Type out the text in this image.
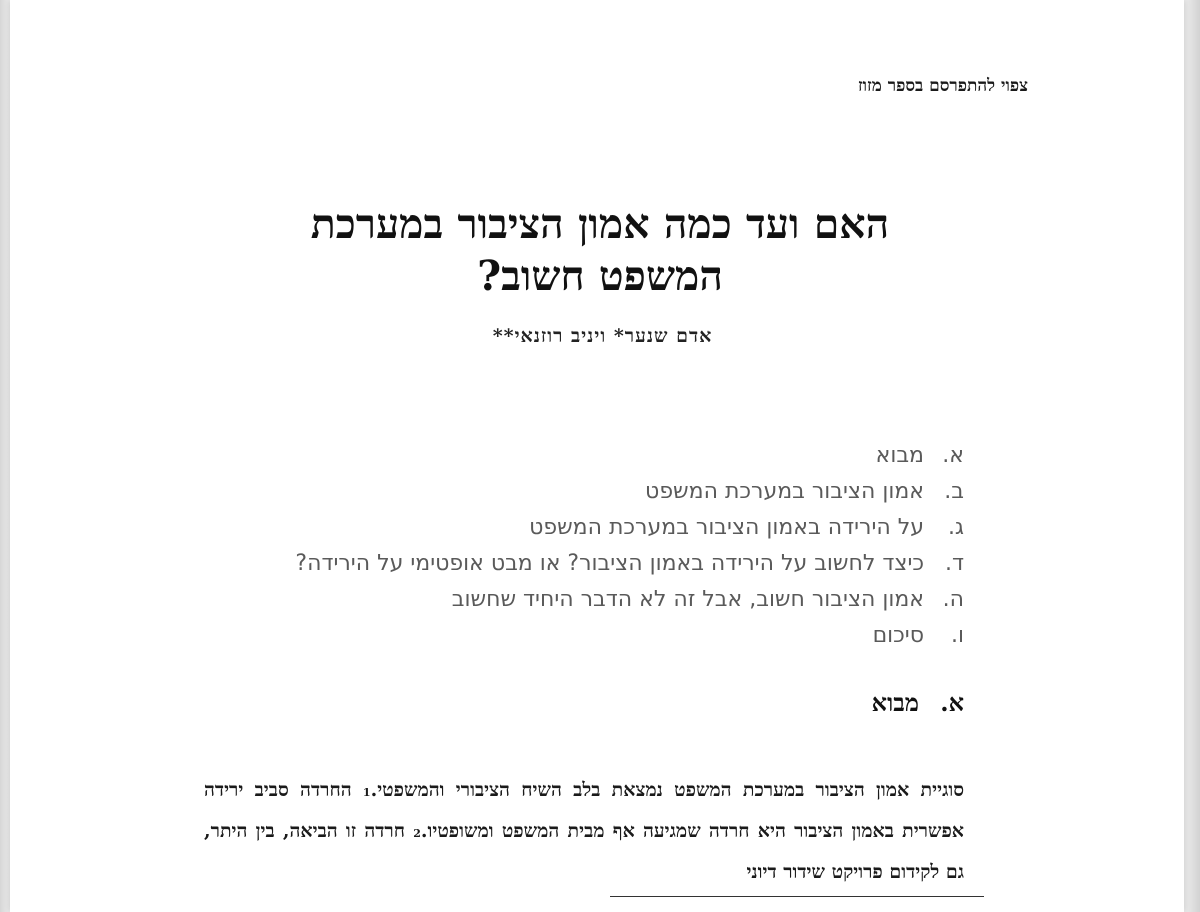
צפוי להתפרסם בספר מזוז
האם ועד כמה אמון הציבור במערכת
המשפט חשוב?
אדם שנער* ויניב רוזנאי**
א.
מבוא
ב.
אמון הציבור במערכת המשפט
ג.
על הירידה באמון הציבור במערכת המשפט
ד.
כיצד לחשוב על הירידה באמון הציבור? או מבט אופטימי על הירידה?
ה.
אמון הציבור חשוב, אבל זה לא הדבר היחיד שחשוב
ו.
סיכום
א.
מבוא

סוגיית אמון הציבור במערכת המשפט נמצאת בלב השיח הציבורי והמשפטי.1 החרדה סביב ירידה אפשרית באמון הציבור היא חרדה שמגיעה אף מבית המשפט ומשופטיו.2 חרדה זו הביאה, בין היתר, גם לקידום פרויקט שידור דיוני
